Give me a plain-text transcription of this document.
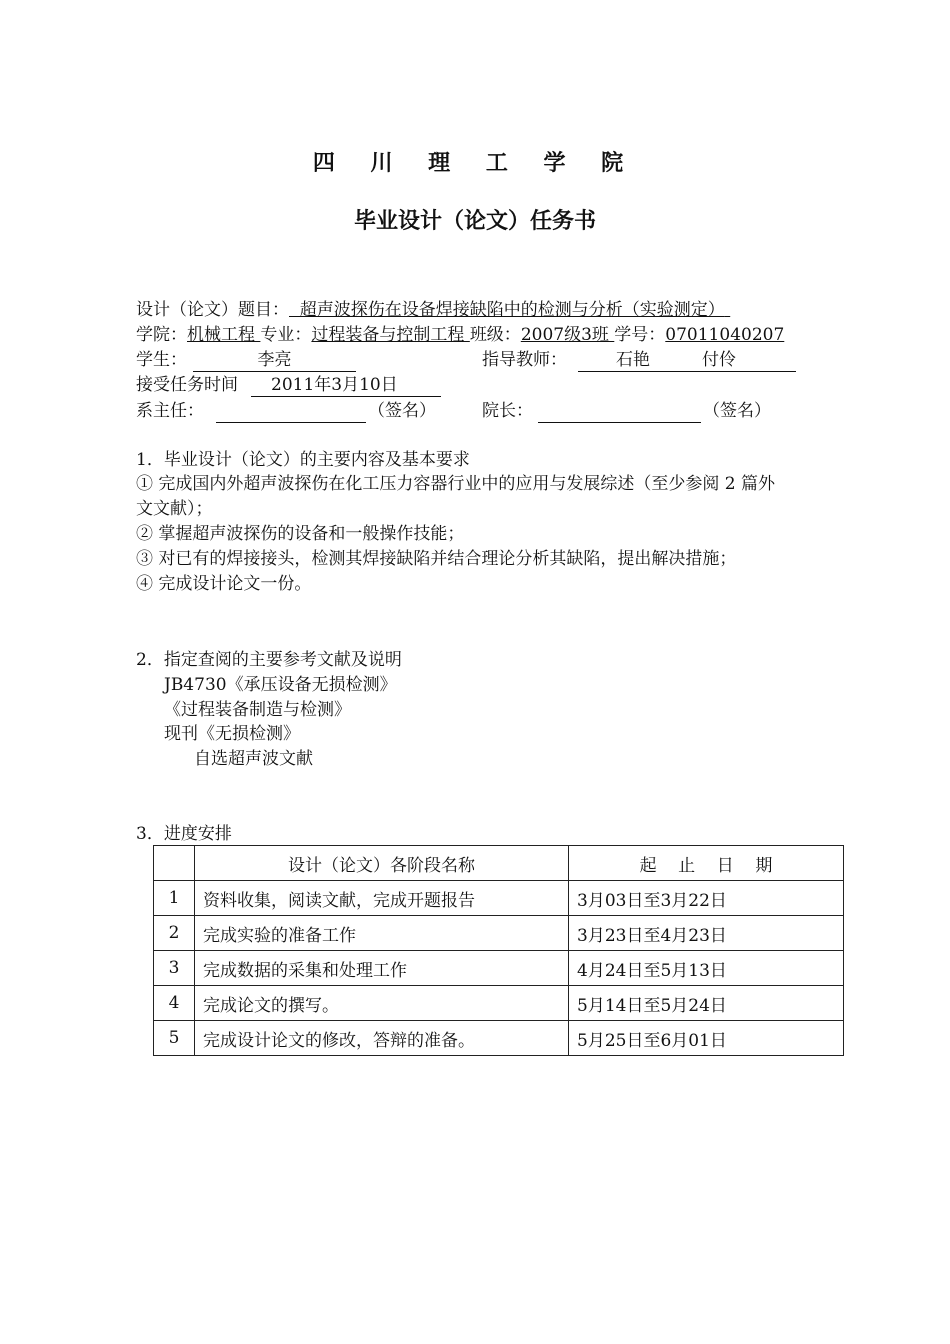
四 川 理 工 学 院
毕业设计（论文）任务书
设计（论文）题目：  超声波探伤在设备焊接缺陷中的检测与分析（实验测定）
学院：机械工程 专业：过程装备与控制工程 班级：2007级3班 学号：07011040207
学生：	李亮	指导教师：	石艳	付伶
接受任务时间	2011年3月10日
系主任：	（签名）	院长：	（签名）
1．毕业设计（论文）的主要内容及基本要求
① 完成国内外超声波探伤在化工压力容器行业中的应用与发展综述（至少参阅 2 篇外
文文献）；
② 掌握超声波探伤的设备和一般操作技能；
③ 对已有的焊接接头，检测其焊接缺陷并结合理论分析其缺陷，提出解决措施；
④ 完成设计论文一份。
2．指定查阅的主要参考文献及说明
JB4730《承压设备无损检测》
《过程装备制造与检测》
现刊《无损检测》
自选超声波文献
3．进度安排
	设计（论文）各阶段名称	起    止    日    期
1	资料收集，阅读文献，完成开题报告	3月03日至3月22日
2	完成实验的准备工作	3月23日至4月23日
3	完成数据的采集和处理工作	4月24日至5月13日
4	完成论文的撰写。	5月14日至5月24日
5	完成设计论文的修改，答辩的准备。	5月25日至6月01日
